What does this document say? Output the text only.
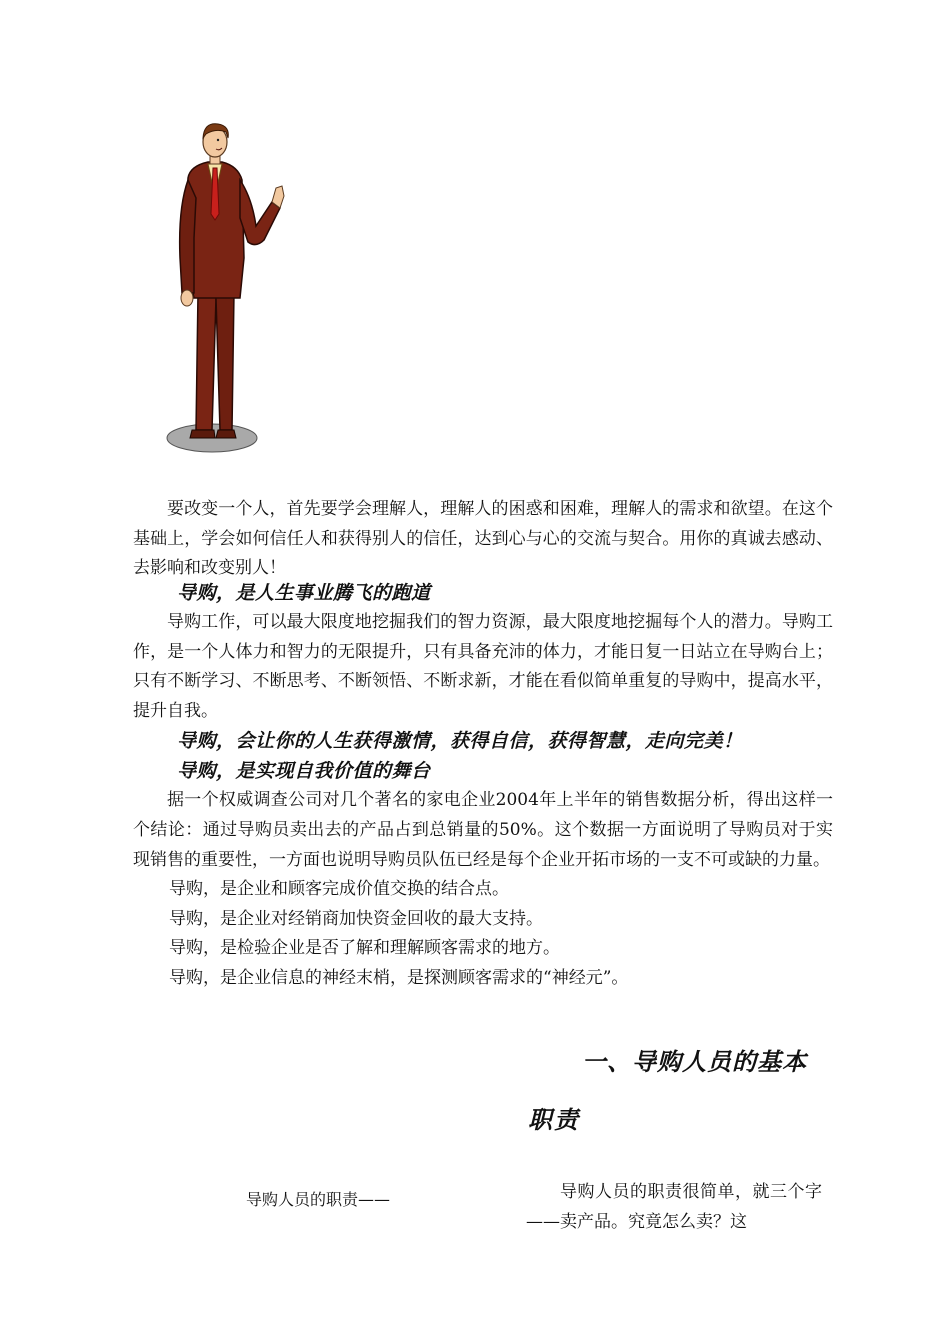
要改变一个人，首先要学会理解人，理解人的困惑和困难，理解人的需求和欲望。在这个基础上，学会如何信任人和获得别人的信任，达到心与心的交流与契合。用你的真诚去感动、去影响和改变别人！

导购，是人生事业腾飞的跑道

导购工作，可以最大限度地挖掘我们的智力资源，最大限度地挖掘每个人的潜力。导购工作，是一个人体力和智力的无限提升，只有具备充沛的体力，才能日复一日站立在导购台上；只有不断学习、不断思考、不断领悟、不断求新，才能在看似简单重复的导购中，提高水平，提升自我。

导购，会让你的人生获得激情，获得自信，获得智慧，走向完美！

导购，是实现自我价值的舞台

据一个权威调查公司对几个著名的家电企业2004年上半年的销售数据分析，得出这样一个结论：通过导购员卖出去的产品占到总销量的50%。这个数据一方面说明了导购员对于实现销售的重要性，一方面也说明导购员队伍已经是每个企业开拓市场的一支不可或缺的力量。

导购，是企业和顾客完成价值交换的结合点。

导购，是企业对经销商加快资金回收的最大支持。

导购，是检验企业是否了解和理解顾客需求的地方。

导购，是企业信息的神经末梢，是探测顾客需求的“神经元”。

一、导购人员的基本
职责
导购人员的职责——	导购人员的职责很简单，就三个字——卖产品。究竟怎么卖？这
